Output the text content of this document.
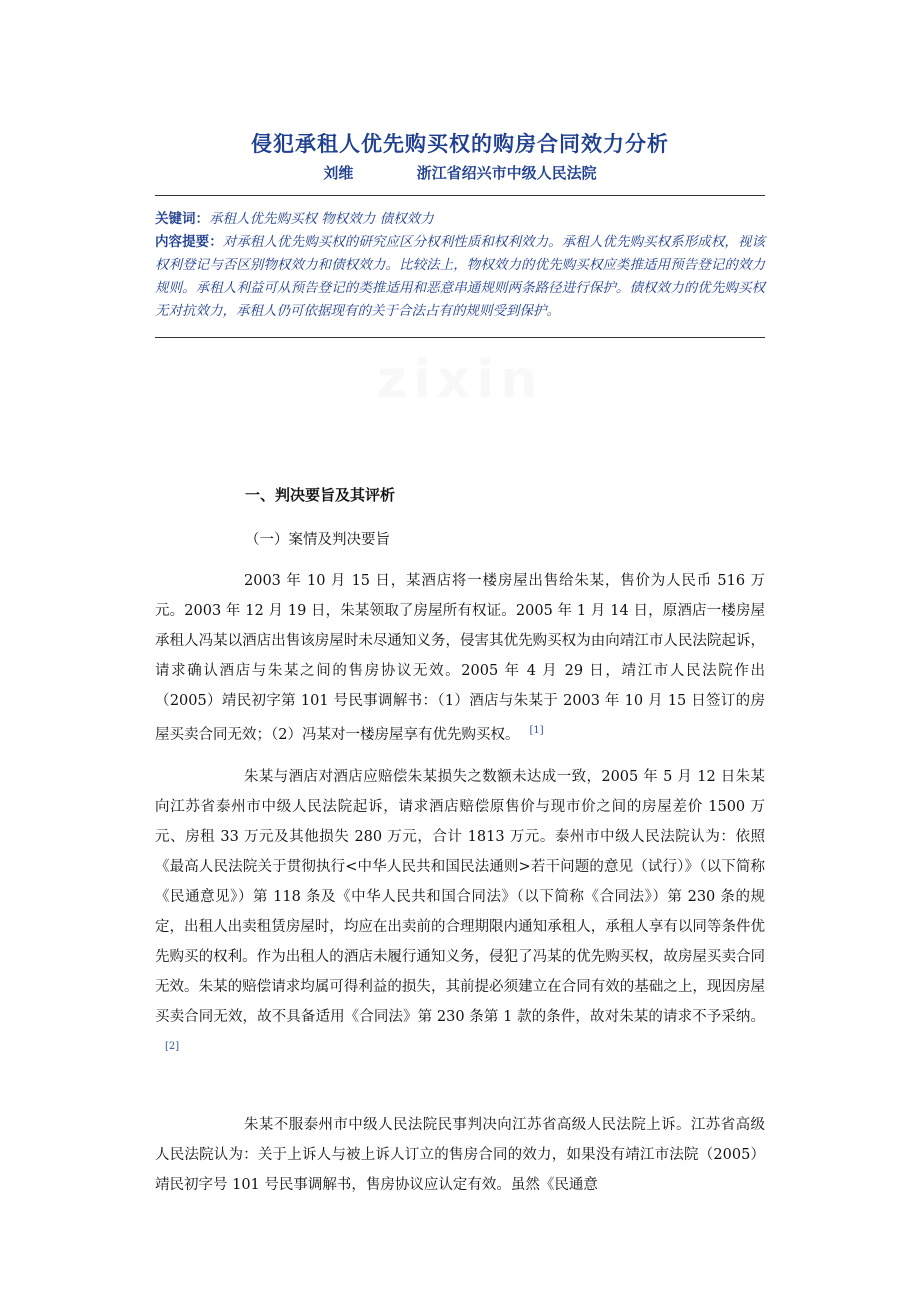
侵犯承租人优先购买权的购房合同效力分析
刘维	浙江省绍兴市中级人民法院
关键词：承租人优先购买权 物权效力 债权效力
内容提要：对承租人优先购买权的研究应区分权利性质和权利效力。承租人优先购买权系形成权，视该权利登记与否区别物权效力和债权效力。比较法上，物权效力的优先购买权应类推适用预告登记的效力规则。承租人利益可从预告登记的类推适用和恶意串通规则两条路径进行保护。债权效力的优先购买权无对抗效力，承租人仍可依据现有的关于合法占有的规则受到保护。
zixin
一、判决要旨及其评析
（一）案情及判决要旨

2003 年 10 月 15 日，某酒店将一楼房屋出售给朱某，售价为人民币 516 万元。2003 年 12 月 19 日，朱某领取了房屋所有权证。2005 年 1 月 14 日，原酒店一楼房屋承租人冯某以酒店出售该房屋时未尽通知义务，侵害其优先购买权为由向靖江市人民法院起诉，请求确认酒店与朱某之间的售房协议无效。2005 年 4 月 29 日，靖江市人民法院作出（2005）靖民初字第 101 号民事调解书：（1）酒店与朱某于 2003 年 10 月 15 日签订的房屋买卖合同无效；（2）冯某对一楼房屋享有优先购买权。 [1]

朱某与酒店对酒店应赔偿朱某损失之数额未达成一致，2005 年 5 月 12 日朱某向江苏省泰州市中级人民法院起诉，请求酒店赔偿原售价与现市价之间的房屋差价 1500 万元、房租 33 万元及其他损失 280 万元，合计 1813 万元。泰州市中级人民法院认为：依照《最高人民法院关于贯彻执行<中华人民共和国民法通则>若干问题的意见（试行）》（以下简称《民通意见》）第 118 条及《中华人民共和国合同法》（以下简称《合同法》）第 230 条的规定，出租人出卖租赁房屋时，均应在出卖前的合理期限内通知承租人，承租人享有以同等条件优先购买的权利。作为出租人的酒店未履行通知义务，侵犯了冯某的优先购买权，故房屋买卖合同无效。朱某的赔偿请求均属可得利益的损失，其前提必须建立在合同有效的基础之上，现因房屋买卖合同无效，故不具备适用《合同法》第 230 条第 1 款的条件，故对朱某的请求不予采纳。[2]

朱某不服泰州市中级人民法院民事判决向江苏省高级人民法院上诉。江苏省高级人民法院认为：关于上诉人与被上诉人订立的售房合同的效力，如果没有靖江市法院（2005）靖民初字号 101 号民事调解书，售房协议应认定有效。虽然《民通意
